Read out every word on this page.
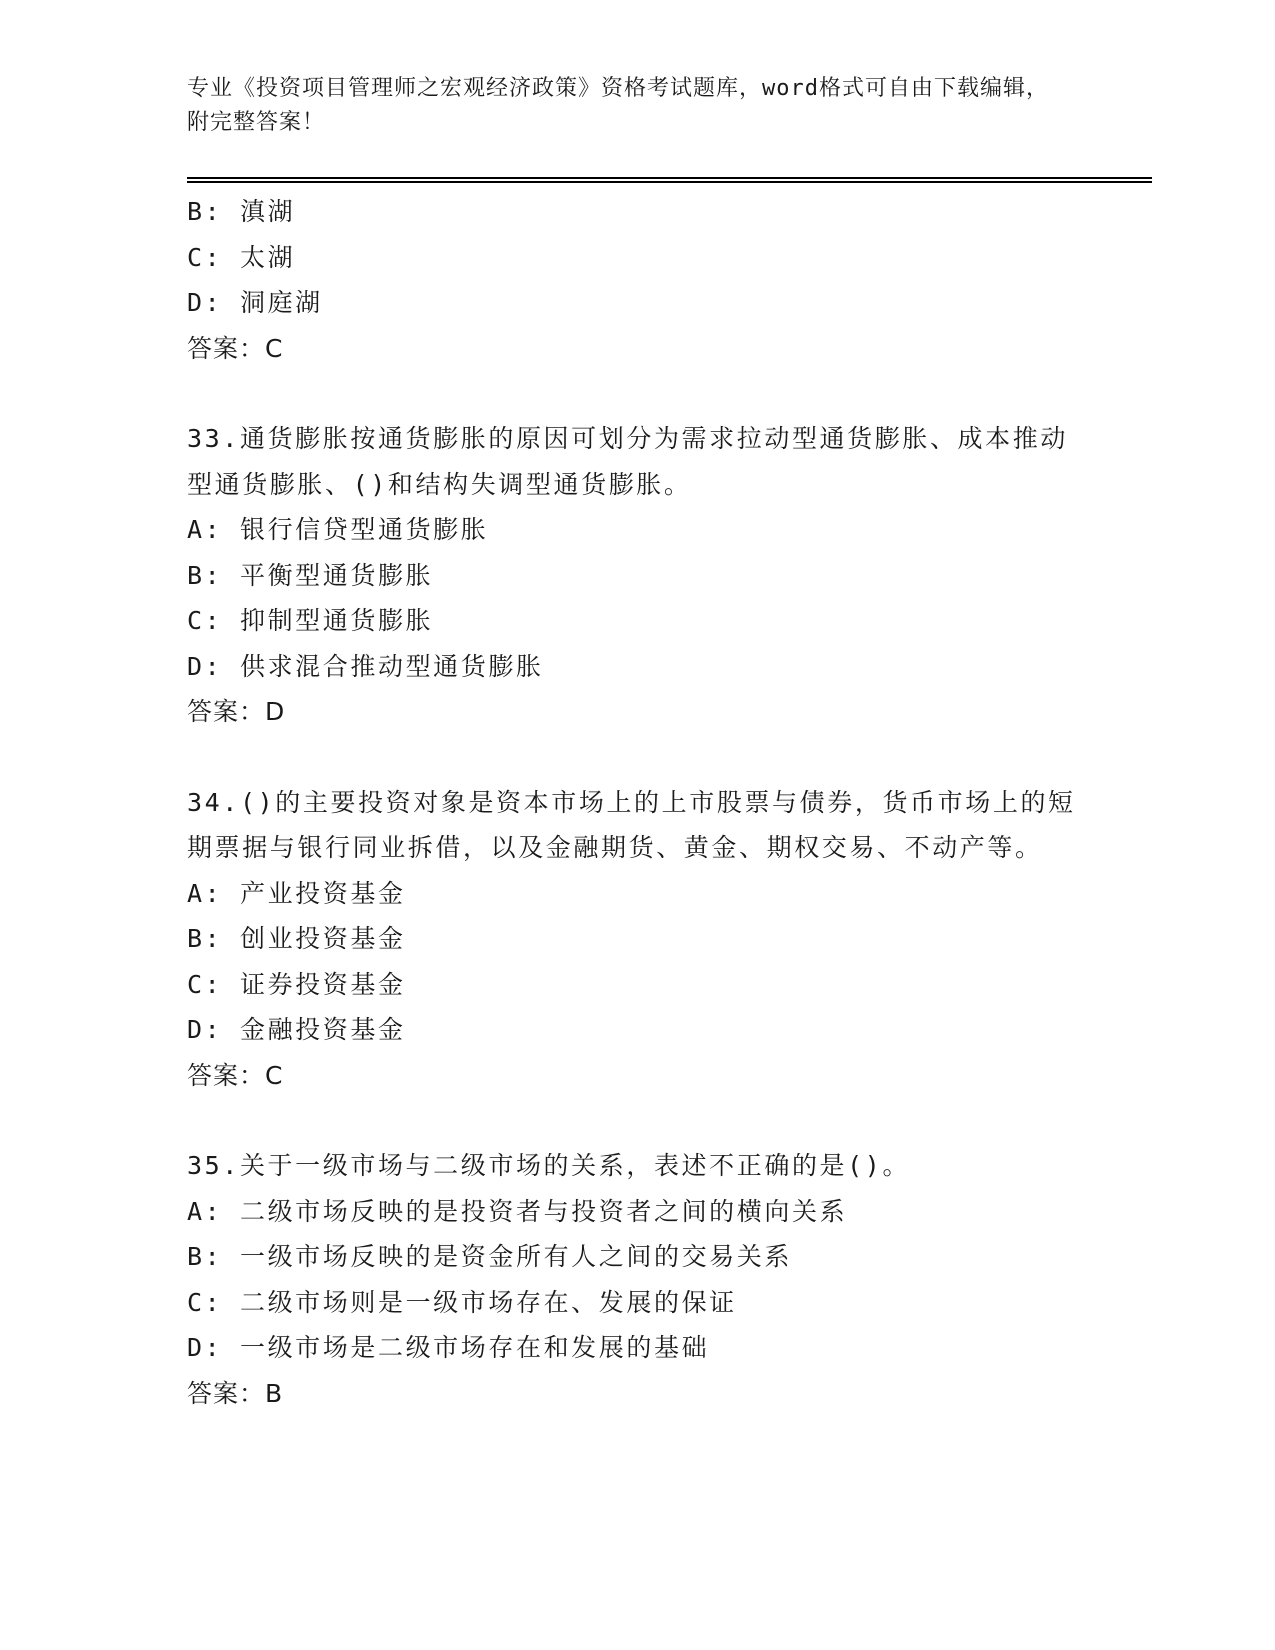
专业《投资项目管理师之宏观经济政策》资格考试题库，word格式可自由下载编辑，附完整答案！

B: 滇湖

C: 太湖

D: 洞庭湖

答案：C

33.通货膨胀按通货膨胀的原因可划分为需求拉动型通货膨胀、成本推动型通货膨胀、()和结构失调型通货膨胀。

A: 银行信贷型通货膨胀

B: 平衡型通货膨胀

C: 抑制型通货膨胀

D: 供求混合推动型通货膨胀

答案：D

34.()的主要投资对象是资本市场上的上市股票与债券，货币市场上的短期票据与银行同业拆借，以及金融期货、黄金、期权交易、不动产等。

A: 产业投资基金

B: 创业投资基金

C: 证券投资基金

D: 金融投资基金

答案：C

35.关于一级市场与二级市场的关系，表述不正确的是()。

A: 二级市场反映的是投资者与投资者之间的横向关系

B: 一级市场反映的是资金所有人之间的交易关系

C: 二级市场则是一级市场存在、发展的保证

D: 一级市场是二级市场存在和发展的基础

答案：B
